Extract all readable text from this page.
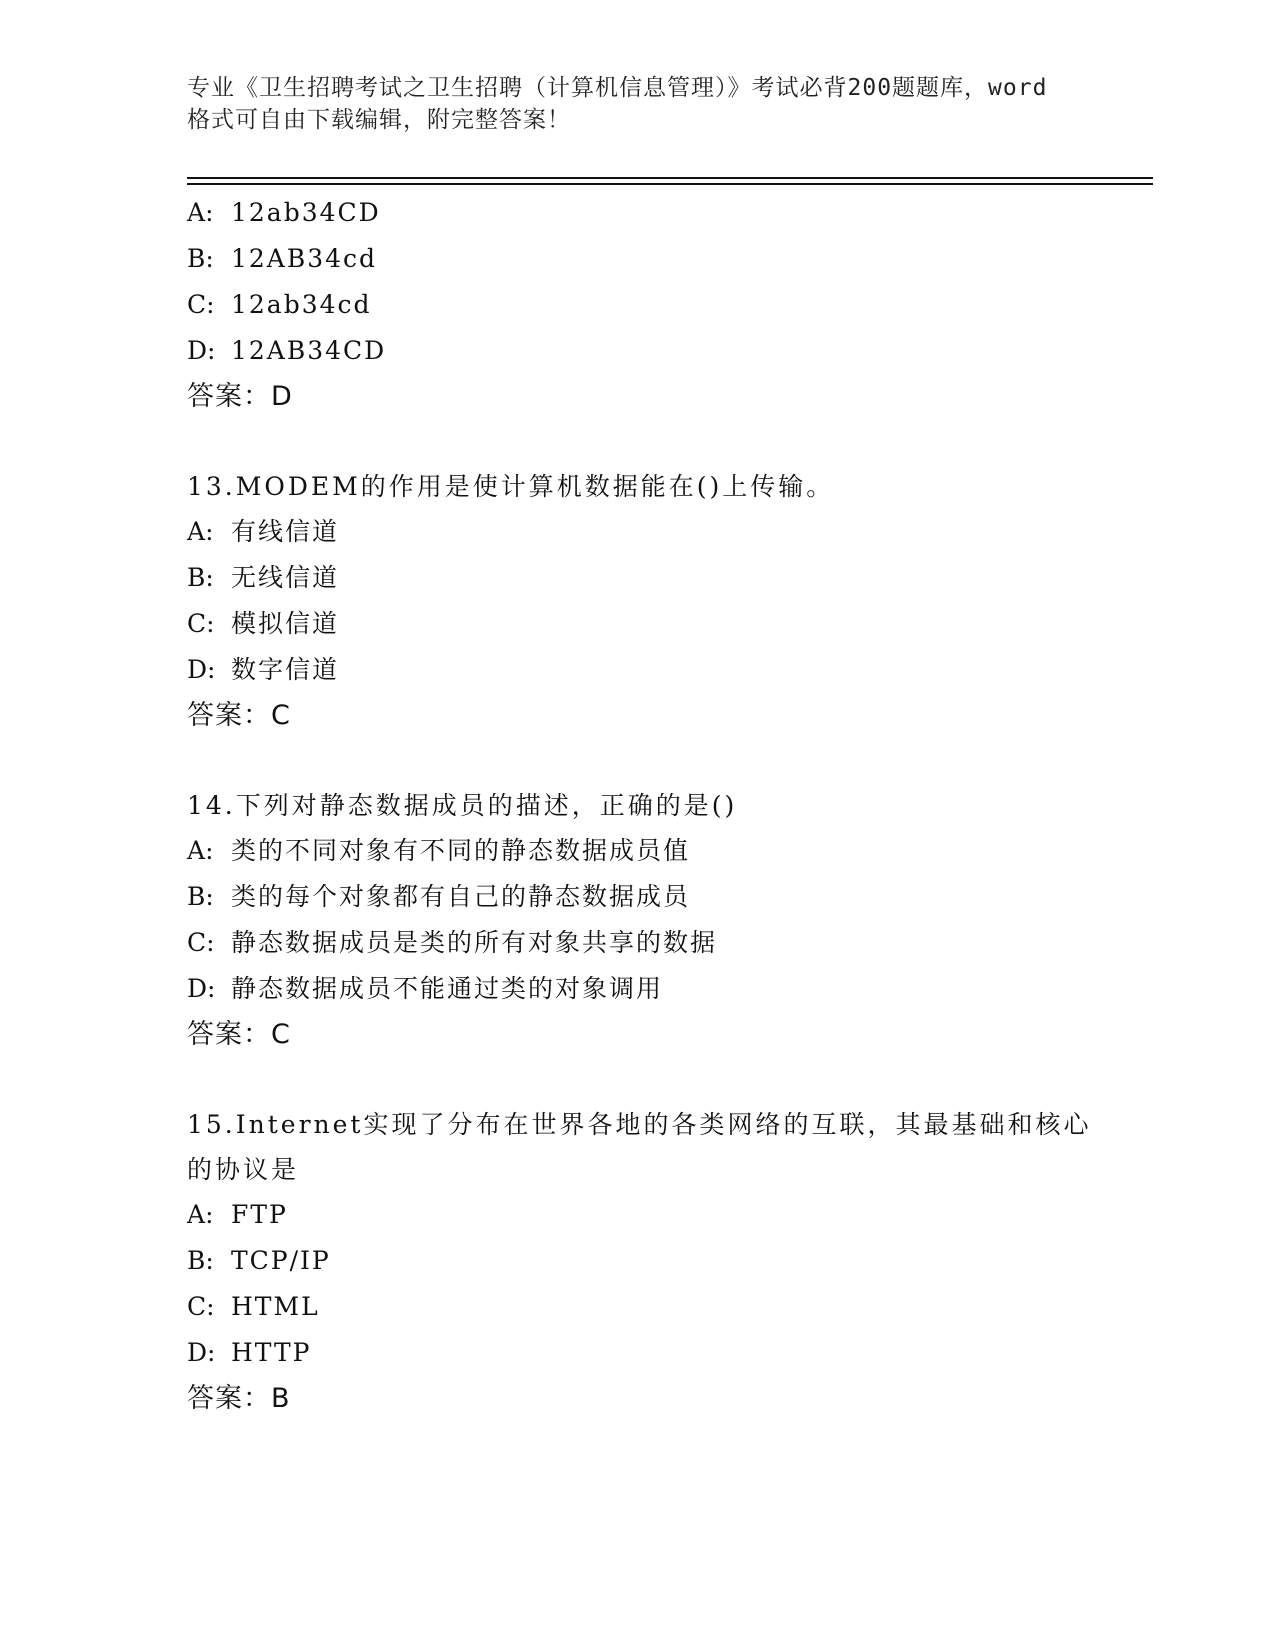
专业《卫生招聘考试之卫生招聘（计算机信息管理）》考试必背200题题库，word
格式可自由下载编辑，附完整答案！
A : 12ab34CD
B : 12AB34cd
C : 12ab34cd
D : 12AB34CD
答案：D
13.MODEM的作用是使计算机数据能在()上传输。
A : 有线信道
B : 无线信道
C : 模拟信道
D : 数字信道
答案：C
14.下列对静态数据成员的描述，正确的是()
A : 类的不同对象有不同的静态数据成员值
B : 类的每个对象都有自己的静态数据成员
C : 静态数据成员是类的所有对象共享的数据
D : 静态数据成员不能通过类的对象调用
答案：C
15.Internet实现了分布在世界各地的各类网络的互联，其最基础和核心的协议是
A : FTP
B : TCP/IP
C : HTML
D : HTTP
答案：B
